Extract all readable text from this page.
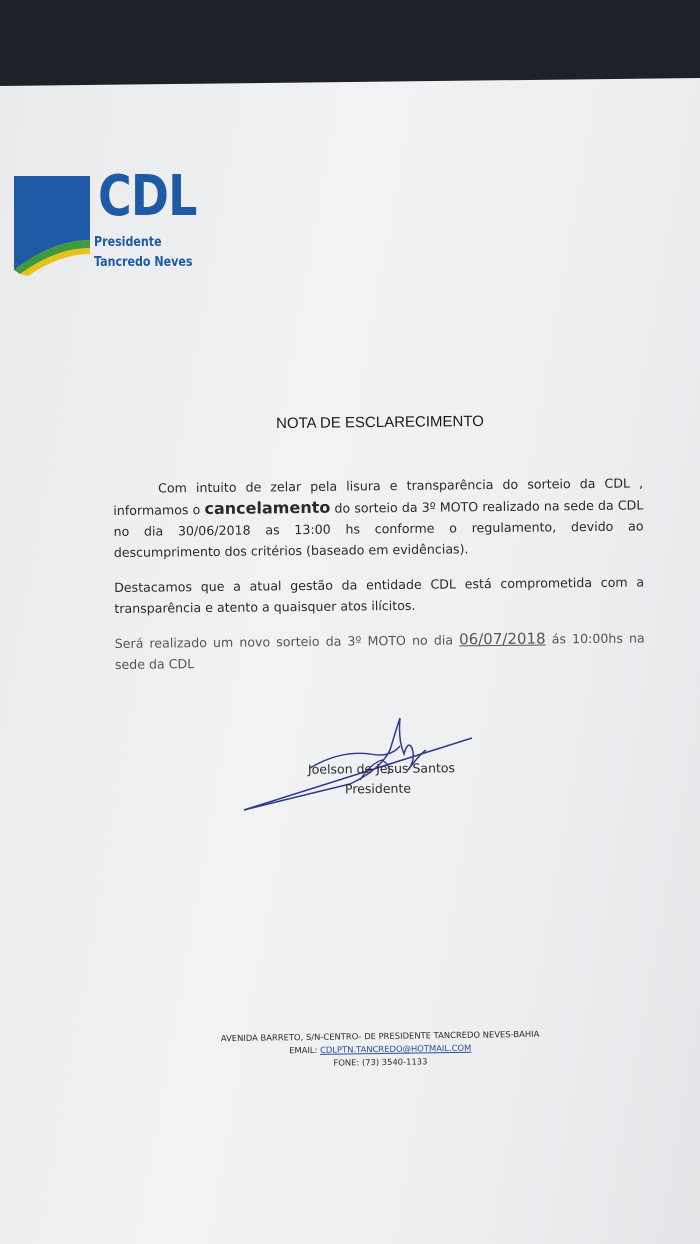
CDL
Presidente Tancredo Neves
NOTA DE ESCLARECIMENTO

Com intuito de zelar pela lisura e transparência do sorteio da CDL , informamos o cancelamento do sorteio da 3º MOTO realizado na sede da CDL no dia 30/06/2018 as 13:00 hs conforme o regulamento, devido ao descumprimento dos critérios (baseado em evidências).

Destacamos que a atual gestão da entidade CDL está comprometida com a transparência e atento a quaisquer atos ilícitos.

Será realizado um novo sorteio da 3º MOTO no dia 06/07/2018 ás 10:00hs na sede da CDL

Joelson de Jesus Santos
Presidente
AVENIDA BARRETO, S/N-CENTRO- DE PRESIDENTE TANCREDO NEVES-BAHIA
EMAIL: CDLPTN.TANCREDO@HOTMAIL.COM
FONE: (73) 3540-1133
